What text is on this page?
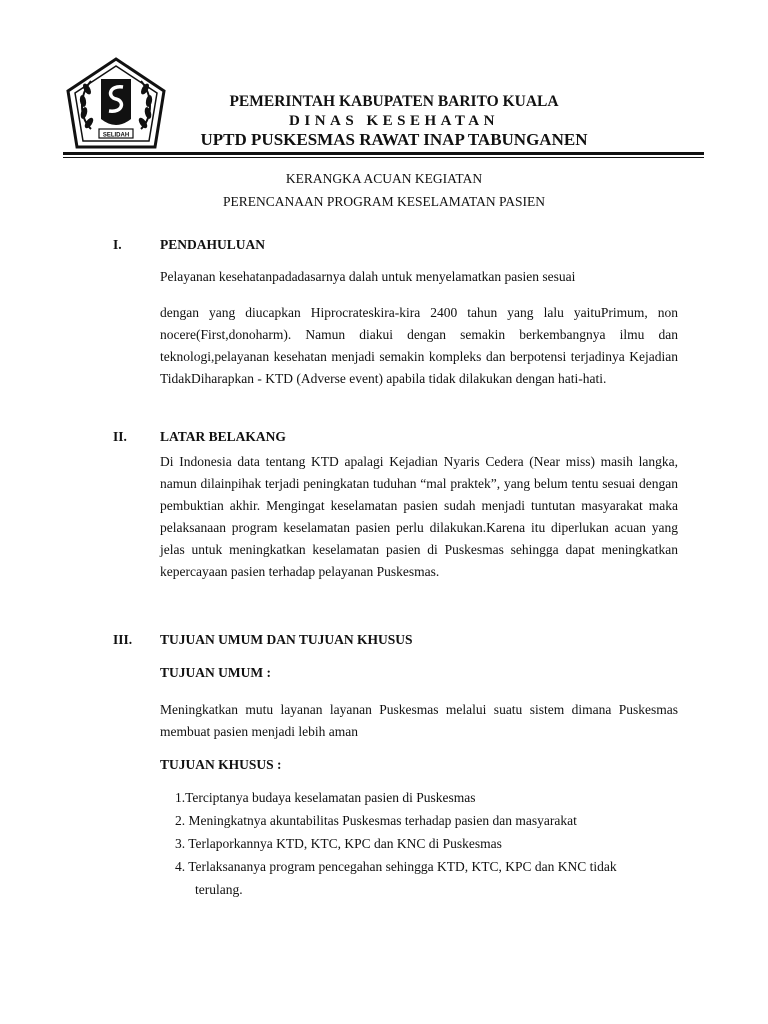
SELIDAH
PEMERINTAH KABUPATEN BARITO KUALA
DINAS KESEHATAN
UPTD PUSKESMAS RAWAT INAP TABUNGANEN
KERANGKA ACUAN KEGIATAN
PERENCANAAN PROGRAM KESELAMATAN PASIEN
I.	PENDAHULUAN
Pelayanan kesehatanpadadasarnya dalah untuk menyelamatkan pasien sesuai
dengan yang diucapkan Hiprocrateskira-kira 2400 tahun yang lalu yaituPrimum, non nocere(First,donoharm). Namun diakui dengan semakin berkembangnya ilmu dan teknologi,pelayanan kesehatan menjadi semakin kompleks dan berpotensi terjadinya Kejadian TidakDiharapkan - KTD (Adverse event) apabila tidak dilakukan dengan hati-hati.
II. LATAR BELAKANG
Di Indonesia data tentang KTD apalagi Kejadian Nyaris Cedera (Near miss) masih langka, namun dilainpihak terjadi peningkatan tuduhan “mal praktek”, yang belum tentu sesuai dengan pembuktian akhir. Mengingat keselamatan pasien sudah menjadi tuntutan masyarakat maka pelaksanaan program keselamatan pasien perlu dilakukan.Karena itu diperlukan acuan yang jelas untuk meningkatkan keselamatan pasien di Puskesmas sehingga dapat meningkatkan kepercayaan pasien terhadap pelayanan Puskesmas.
III. TUJUAN UMUM DAN TUJUAN KHUSUS
TUJUAN UMUM :
Meningkatkan mutu layanan layanan Puskesmas melalui suatu sistem dimana Puskesmas membuat pasien menjadi lebih aman
TUJUAN KHUSUS :
1.Terciptanya budaya keselamatan pasien di Puskesmas
2. Meningkatnya akuntabilitas Puskesmas terhadap pasien dan masyarakat
3. Terlaporkannya KTD, KTC, KPC dan KNC di Puskesmas
4. Terlaksananya program pencegahan sehingga KTD, KTC, KPC dan KNC tidak
terulang.
